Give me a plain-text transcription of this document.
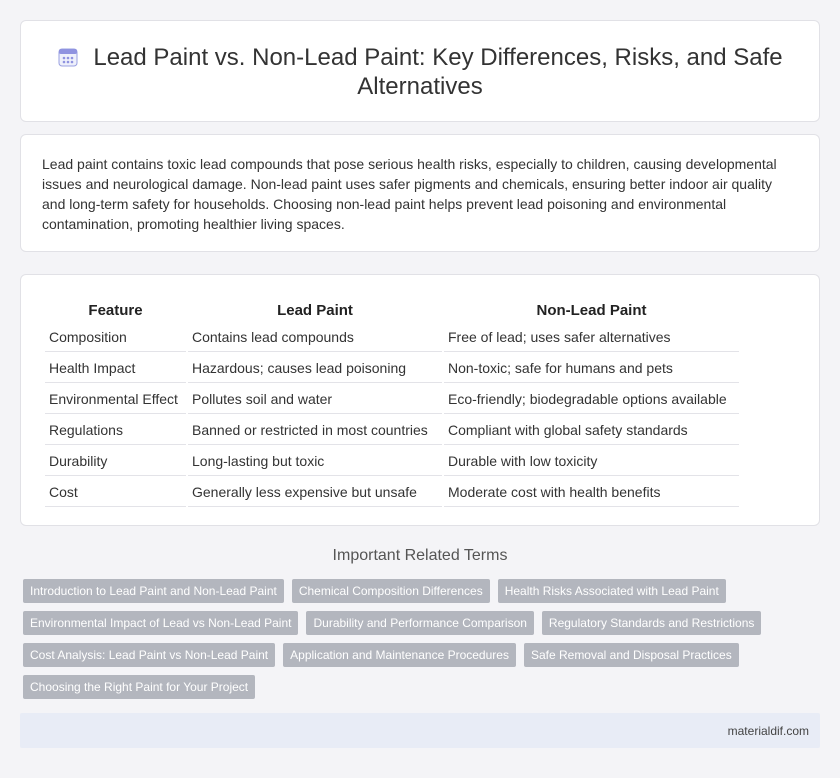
Lead Paint vs. Non-Lead Paint: Key Differences, Risks, and Safe Alternatives

Lead paint contains toxic lead compounds that pose serious health risks, especially to children, causing developmental issues and neurological damage. Non-lead paint uses safer pigments and chemicals, ensuring better indoor air quality and long-term safety for households. Choosing non-lead paint helps prevent lead poisoning and environmental contamination, promoting healthier living spaces.

Feature	Lead Paint	Non-Lead Paint
Composition	Contains lead compounds	Free of lead; uses safer alternatives
Health Impact	Hazardous; causes lead poisoning	Non-toxic; safe for humans and pets
Environmental Effect	Pollutes soil and water	Eco-friendly; biodegradable options available
Regulations	Banned or restricted in most countries	Compliant with global safety standards
Durability	Long-lasting but toxic	Durable with low toxicity
Cost	Generally less expensive but unsafe	Moderate cost with health benefits
Important Related Terms
Introduction to Lead Paint and Non-Lead Paint	Chemical Composition Differences	Health Risks Associated with Lead Paint
Environmental Impact of Lead vs Non-Lead Paint	Durability and Performance Comparison	Regulatory Standards and Restrictions
Cost Analysis: Lead Paint vs Non-Lead Paint	Application and Maintenance Procedures	Safe Removal and Disposal Practices
Choosing the Right Paint for Your Project
materialdif.com
